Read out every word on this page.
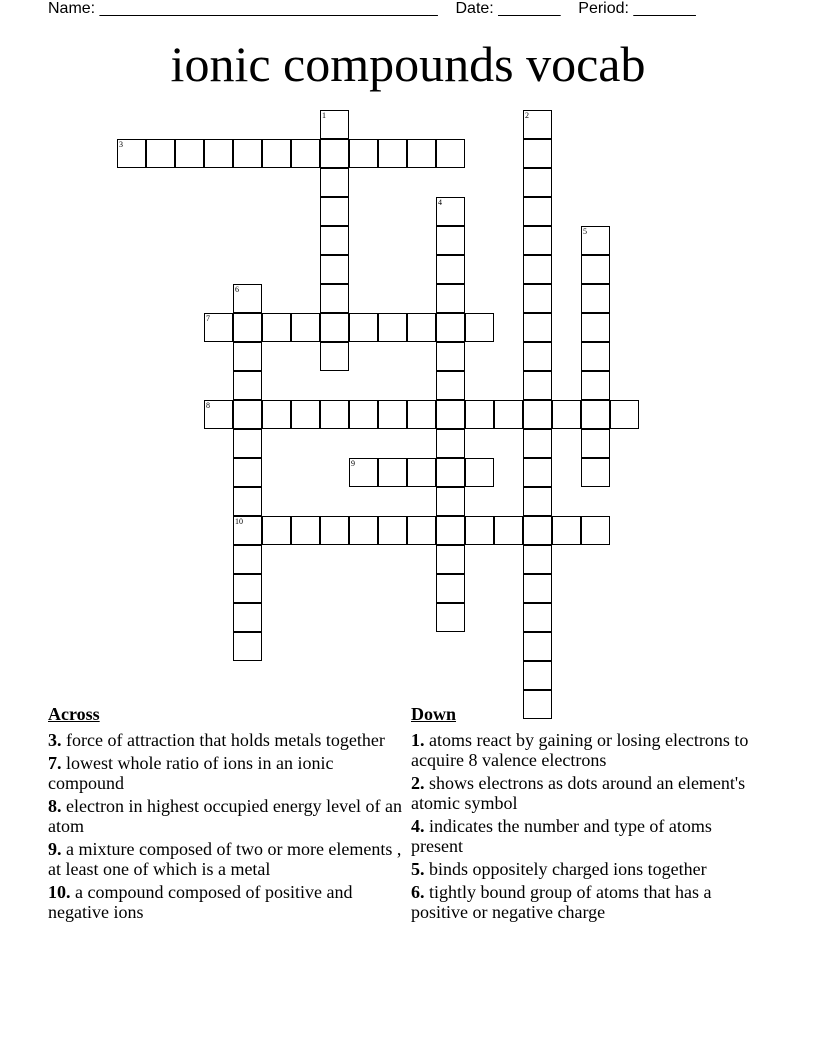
Name: ______________________________________ Date: _______ Period: _______
ionic compounds vocab
1	2
3
4
5
6
7
8
9
10
Across
3. force of attraction that holds metals together
7. lowest whole ratio of ions in an ionic compound
8. electron in highest occupied energy level of an atom
9. a mixture composed of two or more elements , at least one of which is a metal
10. a compound composed of positive and negative ions
Down
1. atoms react by gaining or losing electrons to acquire 8 valence electrons
2. shows electrons as dots around an element's atomic symbol
4. indicates the number and type of atoms present
5. binds oppositely charged ions together
6. tightly bound group of atoms that has a positive or negative charge
